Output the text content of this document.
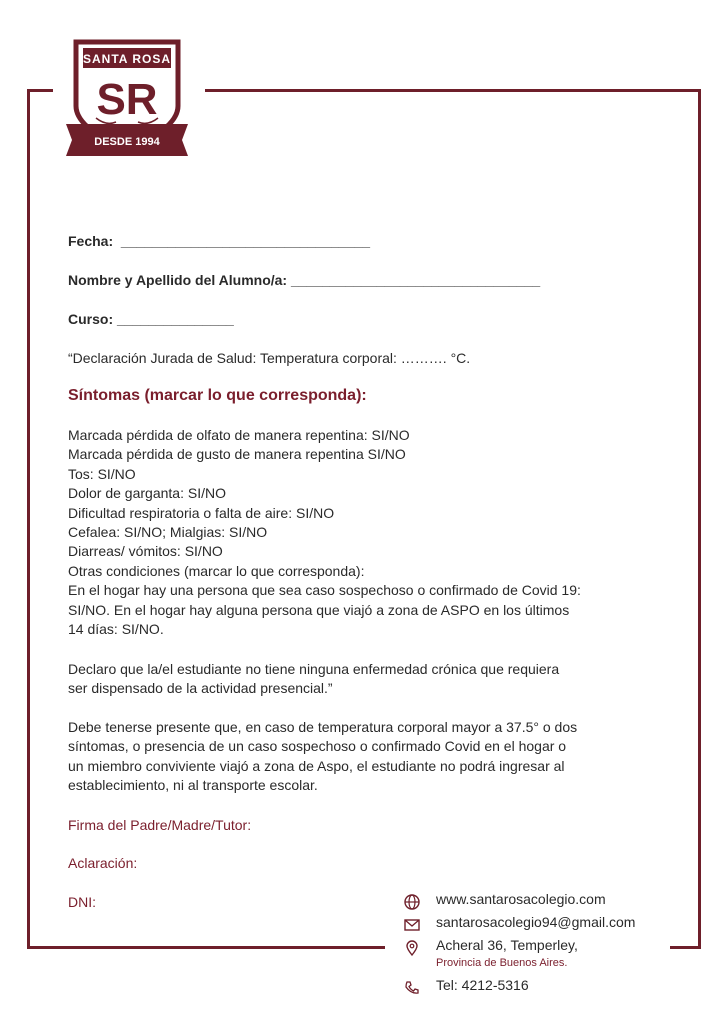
SANTA ROSA
SR
DESDE 1994
Fecha: ________________________________
Nombre y Apellido del Alumno/a: ________________________________
Curso: _______________
“Declaración Jurada de Salud: Temperatura corporal: ………. °C.
Síntomas (marcar lo que corresponda):
Marcada pérdida de olfato de manera repentina: SI/NO
Marcada pérdida de gusto de manera repentina SI/NO
Tos: SI/NO
Dolor de garganta: SI/NO
Dificultad respiratoria o falta de aire: SI/NO
Cefalea: SI/NO; Mialgias: SI/NO
Diarreas/ vómitos: SI/NO
Otras condiciones (marcar lo que corresponda):
En el hogar hay una persona que sea caso sospechoso o confirmado de Covid 19:
SI/NO. En el hogar hay alguna persona que viajó a zona de ASPO en los últimos
14 días: SI/NO.
Declaro que la/el estudiante no tiene ninguna enfermedad crónica que requiera
ser dispensado de la actividad presencial.”
Debe tenerse presente que, en caso de temperatura corporal mayor a 37.5° o dos
síntomas, o presencia de un caso sospechoso o confirmado Covid en el hogar o
un miembro conviviente viajó a zona de Aspo, el estudiante no podrá ingresar al
establecimiento, ni al transporte escolar.
Firma del Padre/Madre/Tutor:
Aclaración:
DNI:	www.santarosacolegio.com
santarosacolegio94@gmail.com
Acheral 36, Temperley,
Provincia de Buenos Aires.
Tel: 4212-5316
